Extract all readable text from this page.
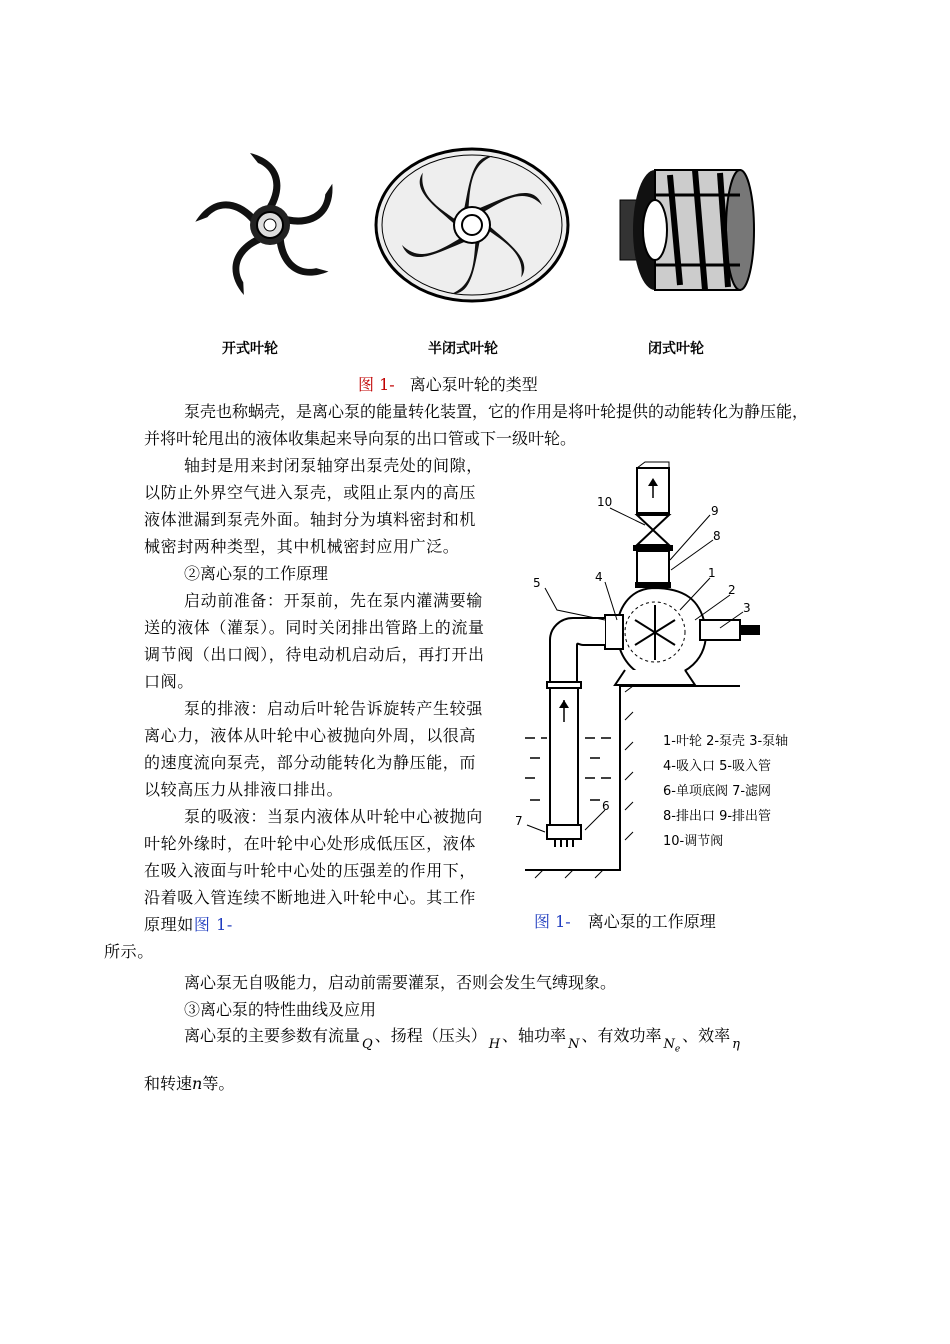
开式叶轮	半闭式叶轮	闭式叶轮
图 1- 离心泵叶轮的类型

泵壳也称蜗壳，是离心泵的能量转化装置，它的作用是将叶轮提供的动能转化为静压能，并将叶轮甩出的液体收集起来导向泵的出口管或下一级叶轮。

轴封是用来封闭泵轴穿出泵壳处的间隙，以防止外界空气进入泵壳，或阻止泵内的高压液体泄漏到泵壳外面。轴封分为填料密封和机械密封两种类型，其中机械密封应用广泛。

②离心泵的工作原理

启动前准备：开泵前，先在泵内灌满要输送的液体（灌泵）。同时关闭排出管路上的流量调节阀（出口阀），待电动机启动后，再打开出口阀。

泵的排液：启动后叶轮告诉旋转产生较强离心力，液体从叶轮中心被抛向外周，以很高的速度流向泵壳，部分动能转化为静压能，而以较高压力从排液口排出。

泵的吸液：当泵内液体从叶轮中心被抛向叶轮外缘时，在叶轮中心处形成低压区，液体在吸入液面与叶轮中心处的压强差的作用下，沿着吸入管连续不断地进入叶轮中心。其工作原理如图 1-
所示。

10
9
8
5	4	1
2
3
6
7
1-叶轮 2-泵壳 3-泵轴
4-吸入口 5-吸入管
6-单项底阀 7-滤网
8-排出口 9-排出管
10-调节阀
图 1- 离心泵的工作原理

离心泵无自吸能力，启动前需要灌泵，否则会发生气缚现象。

③离心泵的特性曲线及应用

离心泵的主要参数有流量 $_Q$ 、扬程（压头） $_H$ 、轴功率 $_N$ 、有效功率 $_{N_e}$、效率 $_\eta$
和转速n等。
